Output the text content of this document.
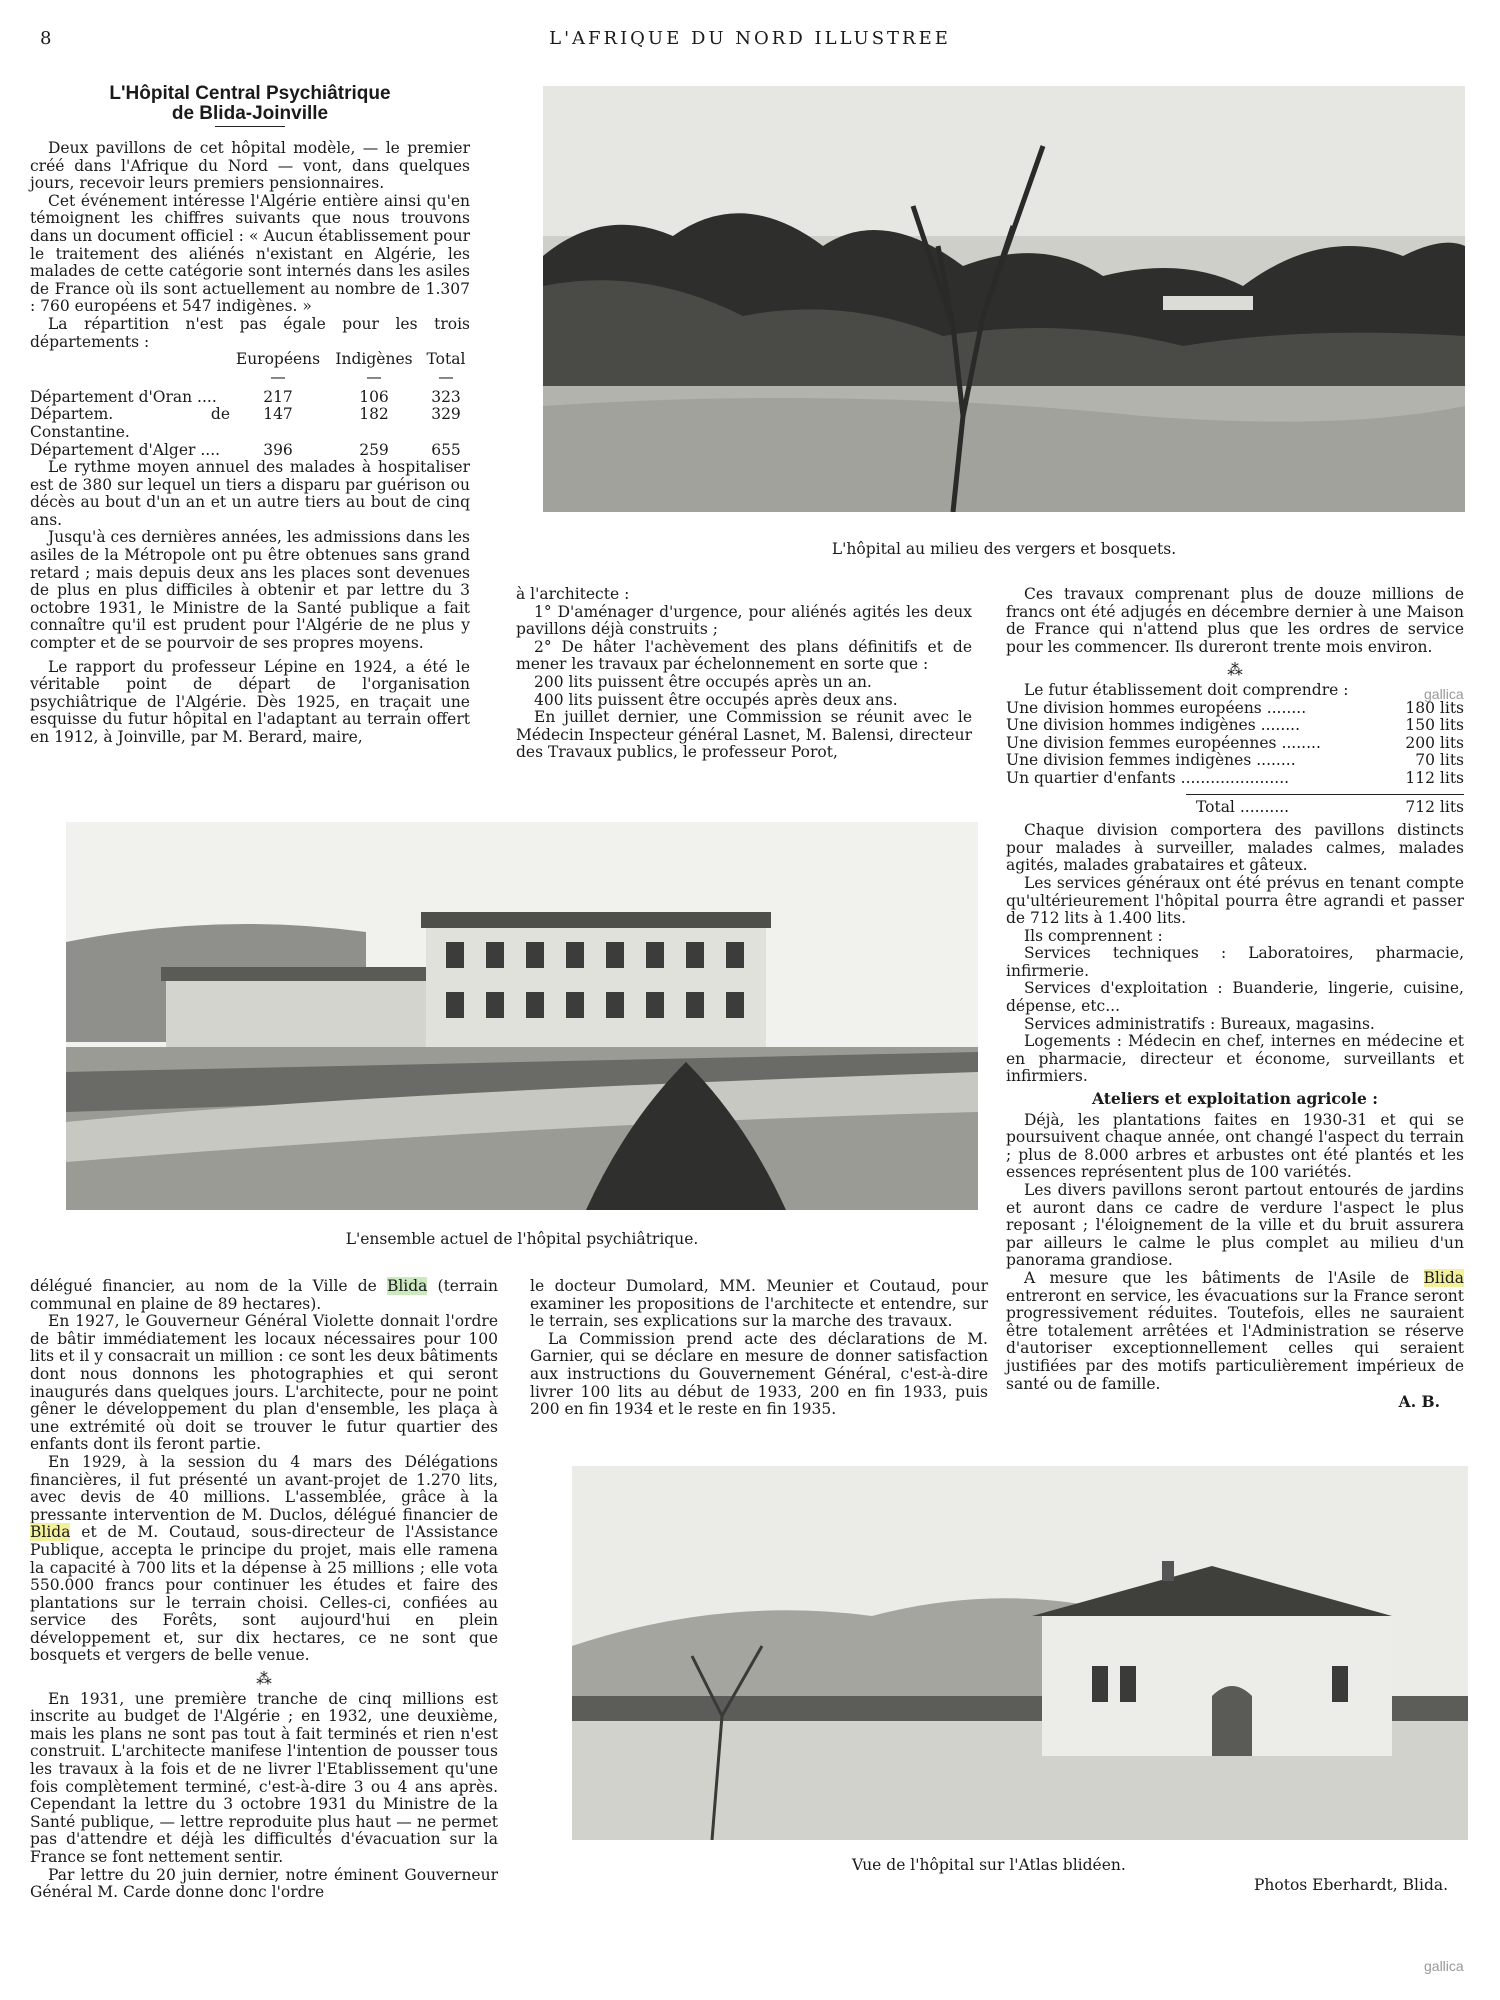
8	L'AFRIQUE DU NORD ILLUSTREE
L'Hôpital Central Psychiâtrique
de Blida-Joinville

Deux pavillons de cet hôpital modèle, — le premier créé dans l'Afrique du Nord — vont, dans quelques jours, recevoir leurs premiers pensionnaires.

Cet événement intéresse l'Algérie entière ainsi qu'en témoignent les chiffres suivants que nous trouvons dans un document officiel : « Aucun établissement pour le traitement des aliénés n'existant en Algérie, les malades de cette catégorie sont internés dans les asiles de France où ils sont actuellement au nombre de 1.307 : 760 européens et 547 indigènes. »

La répartition n'est pas égale pour les trois départements :

	Européens	Indigènes	Total
	—	—	—
Département d'Oran ....	217	106	323
Départem. de Constantine.	147	182	329
Département d'Alger ....	396	259	655

Le rythme moyen annuel des malades à hospitaliser est de 380 sur lequel un tiers a disparu par guérison ou décès au bout d'un an et un autre tiers au bout de cinq ans.

Jusqu'à ces dernières années, les admissions dans les asiles de la Métropole ont pu être obtenues sans grand retard ; mais depuis deux ans les places sont devenues de plus en plus difficiles à obtenir et par lettre du 3 octobre 1931, le Ministre de la Santé publique a fait connaître qu'il est prudent pour l'Algérie de ne plus y compter et de se pourvoir de ses propres moyens.

Le rapport du professeur Lépine en 1924, a été le véritable point de départ de l'organisation psychiâtrique de l'Algérie. Dès 1925, en traçait une esquisse du futur hôpital en l'adaptant au terrain offert en 1912, à Joinville, par M. Berard, maire,

L'hôpital au milieu des vergers et bosquets.

à l'architecte :

1° D'aménager d'urgence, pour aliénés agités les deux pavillons déjà construits ;

2° De hâter l'achèvement des plans définitifs et de mener les travaux par échelonnement en sorte que :

200 lits puissent être occupés après un an.

400 lits puissent être occupés après deux ans.

En juillet dernier, une Commission se réunit avec le Médecin Inspecteur général Lasnet, M. Balensi, directeur des Travaux publics, le professeur Porot,

Ces travaux comprenant plus de douze millions de francs ont été adjugés en décembre dernier à une Maison de France qui n'attend plus que les ordres de service pour les commencer. Ils dureront trente mois environ.

⁂

Le futur établissement doit comprendre :

Une division hommes européens ........	180 lits
Une division hommes indigènes ........	150 lits
Une division femmes européennes ........	200 lits
Une division femmes indigènes ........	70 lits
Un quartier d'enfants ......................	112 lits
Total ..........	712 lits

Chaque division comportera des pavillons distincts pour malades à surveiller, malades calmes, malades agités, malades grabataires et gâteux.

Les services généraux ont été prévus en tenant compte qu'ultérieurement l'hôpital pourra être agrandi et passer de 712 lits à 1.400 lits.

Ils comprennent :

Services techniques : Laboratoires, pharmacie, infirmerie.

Services d'exploitation : Buanderie, lingerie, cuisine, dépense, etc...

Services administratifs : Bureaux, magasins.

Logements : Médecin en chef, internes en médecine et en pharmacie, directeur et économe, surveillants et infirmiers.

Ateliers et exploitation agricole :

Déjà, les plantations faites en 1930-31 et qui se poursuivent chaque année, ont changé l'aspect du terrain ; plus de 8.000 arbres et arbustes ont été plantés et les essences représentent plus de 100 variétés.

Les divers pavillons seront partout entourés de jardins et auront dans ce cadre de verdure l'aspect le plus reposant ; l'éloignement de la ville et du bruit assurera par ailleurs le calme le plus complet au milieu d'un panorama grandiose.

A mesure que les bâtiments de l'Asile de Blida entreront en service, les évacuations sur la France seront progressivement réduites. Toutefois, elles ne sauraient être totalement arrêtées et l'Administration se réserve d'autoriser exceptionnellement celles qui seraient justifiées par des motifs particulièrement impérieux de santé ou de famille.

A. B.
L'ensemble actuel de l'hôpital psychiâtrique.

délégué financier, au nom de la Ville de Blida (terrain communal en plaine de 89 hectares).

En 1927, le Gouverneur Général Violette donnait l'ordre de bâtir immédiatement les locaux nécessaires pour 100 lits et il y consacrait un million : ce sont les deux bâtiments dont nous donnons les photographies et qui seront inaugurés dans quelques jours. L'architecte, pour ne point gêner le développement du plan d'ensemble, les plaça à une extrémité où doit se trouver le futur quartier des enfants dont ils feront partie.

En 1929, à la session du 4 mars des Délégations financières, il fut présenté un avant-projet de 1.270 lits, avec devis de 40 millions. L'assemblée, grâce à la pressante intervention de M. Duclos, délégué financier de Blida et de M. Coutaud, sous-directeur de l'Assistance Publique, accepta le principe du projet, mais elle ramena la capacité à 700 lits et la dépense à 25 millions ; elle vota 550.000 francs pour continuer les études et faire des plantations sur le terrain choisi. Celles-ci, confiées au service des Forêts, sont aujourd'hui en plein développement et, sur dix hectares, ce ne sont que bosquets et vergers de belle venue.

⁂

En 1931, une première tranche de cinq millions est inscrite au budget de l'Algérie ; en 1932, une deuxième, mais les plans ne sont pas tout à fait terminés et rien n'est construit. L'architecte manifese l'intention de pousser tous les travaux à la fois et de ne livrer l'Etablissement qu'une fois complètement terminé, c'est-à-dire 3 ou 4 ans après. Cependant la lettre du 3 octobre 1931 du Ministre de la Santé publique, — lettre reproduite plus haut — ne permet pas d'attendre et déjà les difficultés d'évacuation sur la France se font nettement sentir.

Par lettre du 20 juin dernier, notre éminent Gouverneur Général M. Carde donne donc l'ordre

le docteur Dumolard, MM. Meunier et Coutaud, pour examiner les propositions de l'architecte et entendre, sur le terrain, ses explications sur la marche des travaux.

La Commission prend acte des déclarations de M. Garnier, qui se déclare en mesure de donner satisfaction aux instructions du Gouvernement Général, c'est-à-dire livrer 100 lits au début de 1933, 200 en fin 1933, puis 200 en fin 1934 et le reste en fin 1935.

Vue de l'hôpital sur l'Atlas blidéen.
Photos Eberhardt, Blida.
gallica
gallica
